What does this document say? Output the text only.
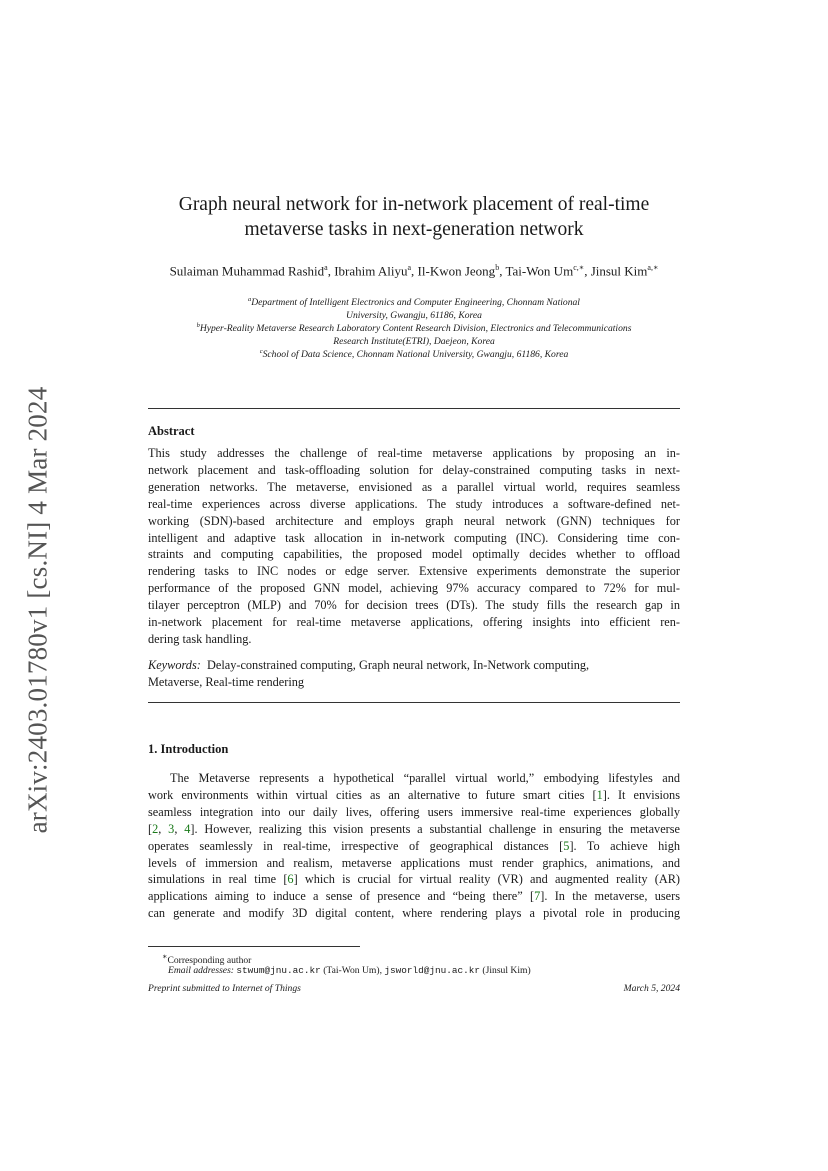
arXiv:2403.01780v1 [cs.NI] 4 Mar 2024
Graph neural network for in-network placement of real-time
metaverse tasks in next-generation network
Sulaiman Muhammad Rashid$^a$, Ibrahim Aliyu$^a$, Il-Kwon Jeong$^b$, Tai-Won $Um^{c,∗}$, Jinsul Kim$^{a,∗}$
$^a$Department of Intelligent Electronics and Computer Engineering, Chonnam National
University, Gwangju, 61186, Korea
$^b$Hyper-Reality Metaverse Research Laboratory Content Research Division, Electronics and Telecommunications
Research Institute(ETRI), Daejeon, Korea
$^c$School of Data Science, Chonnam National University, Gwangju, 61186, Korea
Abstract
This study addresses the challenge of real-time metaverse applications by proposing an in-
network placement and task-offloading solution for delay-constrained computing tasks in next-
generation networks. The metaverse, envisioned as a parallel virtual world, requires seamless
real-time experiences across diverse applications. The study introduces a software-defined net-
working (SDN)-based architecture and employs graph neural network (GNN) techniques for
intelligent and adaptive task allocation in in-network computing (INC). Considering time con-
straints and computing capabilities, the proposed model optimally decides whether to offload
rendering tasks to INC nodes or edge server. Extensive experiments demonstrate the superior
performance of the proposed GNN model, achieving 97% accuracy compared to 72% for mul-
tilayer perceptron (MLP) and 70% for decision trees (DTs). The study fills the research gap in
in-network placement for real-time metaverse applications, offering insights into efficient ren-
dering task handling.
Keywords: Delay-constrained computing, Graph neural network, In-Network computing,
Metaverse, Real-time rendering
1. Introduction
The Metaverse represents a hypothetical “parallel virtual world,” embodying lifestyles and
work environments within virtual cities as an alternative to future smart cities [1]. It envisions
seamless integration into our daily lives, offering users immersive real-time experiences globally
[2, 3, 4]. However, realizing this vision presents a substantial challenge in ensuring the metaverse
operates seamlessly in real-time, irrespective of geographical distances [5]. To achieve high
levels of immersion and realism, metaverse applications must render graphics, animations, and
simulations in real time [6] which is crucial for virtual reality (VR) and augmented reality (AR)
applications aiming to induce a sense of presence and “being there” [7]. In the metaverse, users
can generate and modify 3D digital content, where rendering plays a pivotal role in producing
∗Corresponding author
Email addresses: stwum@jnu.ac.kr (Tai-Won Um), jsworld@jnu.ac.kr (Jinsul Kim)
Preprint submitted to Internet of Things	March 5, 2024
